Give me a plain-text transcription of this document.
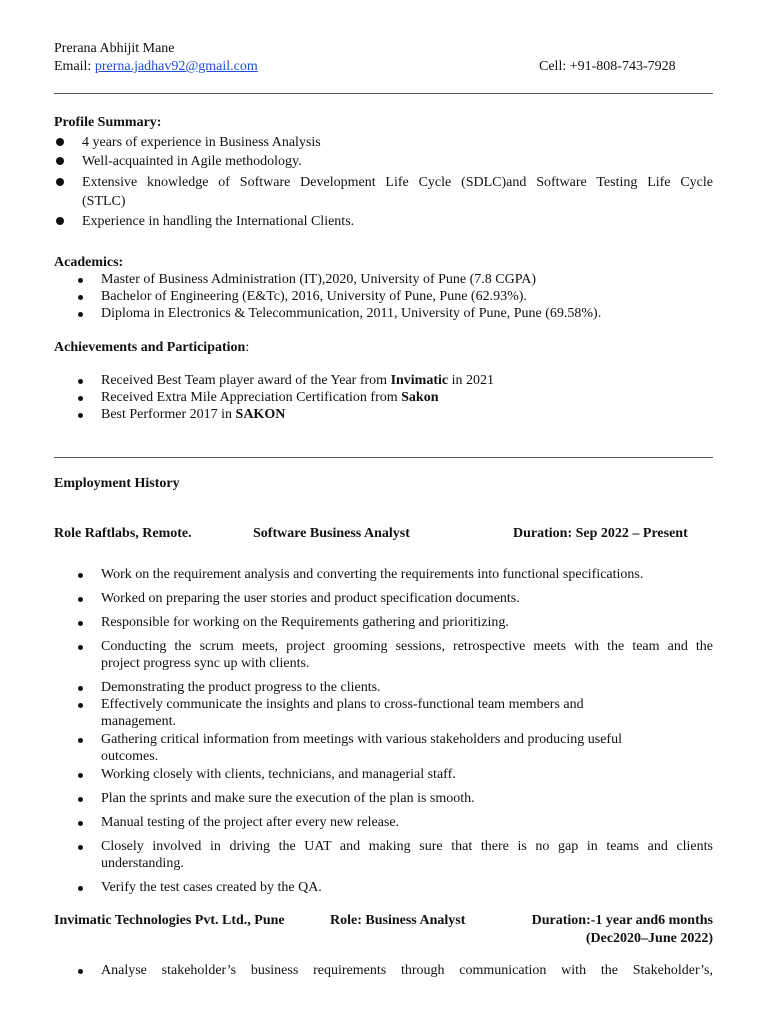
Prerana Abhijit Mane
Email: prerna.jadhav92@gmail.com	Cell: +91-808-743-7928
Profile Summary:
4 years of experience in Business Analysis
Well-acquainted in Agile methodology.
Extensive knowledge of Software Development Life Cycle (SDLC)and Software Testing Life Cycle
(STLC)
Experience in handling the International Clients.
Academics:
Master of Business Administration (IT),2020, University of Pune (7.8 CGPA)
Bachelor of Engineering (E&Tc), 2016, University of Pune, Pune (62.93%).
Diploma in Electronics & Telecommunication, 2011, University of Pune, Pune (69.58%).
Achievements and Participation:
Received Best Team player award of the Year from Invimatic in 2021
Received Extra Mile Appreciation Certification from Sakon
Best Performer 2017 in SAKON
Employment History
Role Raftlabs, Remote.	Software Business Analyst	Duration: Sep 2022 – Present
Work on the requirement analysis and converting the requirements into functional specifications.
Worked on preparing the user stories and product specification documents.
Responsible for working on the Requirements gathering and prioritizing.
Conducting the scrum meets, project grooming sessions, retrospective meets with the team and the
project progress sync up with clients.
Demonstrating the product progress to the clients.
Effectively communicate the insights and plans to cross-functional team members and
management.
Gathering critical information from meetings with various stakeholders and producing useful
outcomes.
Working closely with clients, technicians, and managerial staff.
Plan the sprints and make sure the execution of the plan is smooth.
Manual testing of the project after every new release.
Closely involved in driving the UAT and making sure that there is no gap in teams and clients
understanding.
Verify the test cases created by the QA.
Invimatic Technologies Pvt. Ltd., Pune	Role: Business Analyst	Duration:-1 year and6 months
(Dec2020–June 2022)
Analyse stakeholder’s business requirements through communication with the Stakeholder’s,
